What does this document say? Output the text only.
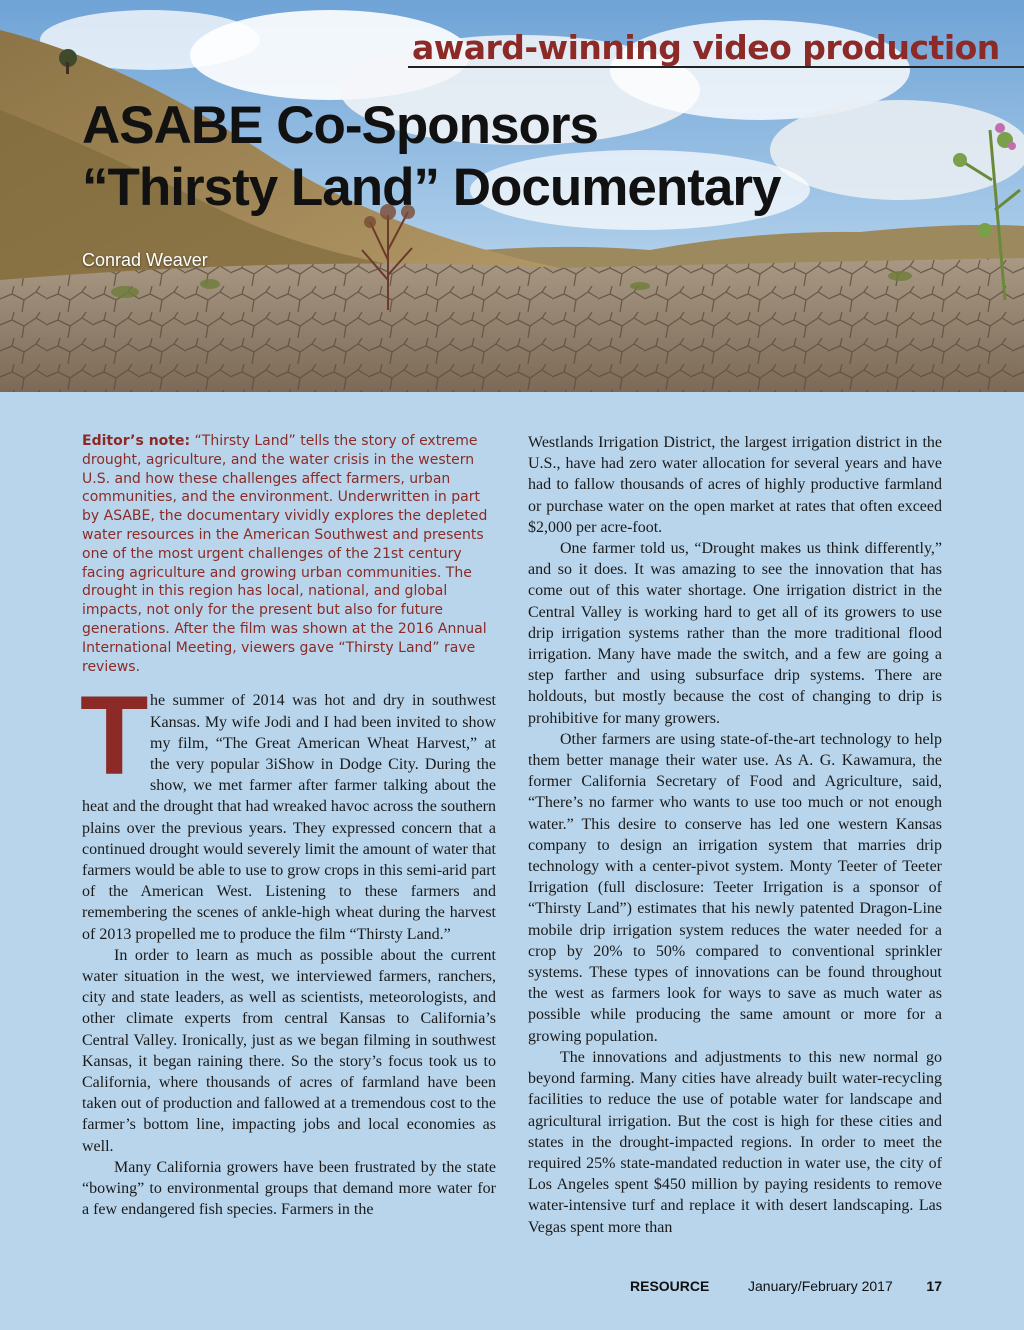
award-winning video production
ASABE Co-Sponsors
“Thirsty Land” Documentary
Conrad Weaver

Editor’s note: “Thirsty Land” tells the story of extreme drought, agriculture, and the water crisis in the western U.S. and how these challenges affect farmers, urban communities, and the environment. Underwritten in part by ASABE, the documentary vividly explores the depleted water resources in the American Southwest and presents one of the most urgent challenges of the 21st century facing agriculture and growing urban communities. The drought in this region has local, national, and global impacts, not only for the present but also for future generations. After the film was shown at the 2016 Annual International Meeting, viewers gave “Thirsty Land” rave reviews.

T he summer of 2014 was hot and dry in southwest Kansas. My wife Jodi and I had been invited to show my film, “The Great American Wheat Harvest,” at the very popular 3iShow in Dodge City. During the show, we met farmer after farmer talking about the heat and the drought that had wreaked havoc across the southern plains over the previous years. They expressed concern that a continued drought would severely limit the amount of water that farmers would be able to use to grow crops in this semi-arid part of the American West. Listening to these farmers and remembering the scenes of ankle-high wheat during the harvest of 2013 propelled me to produce the film “Thirsty Land.”

In order to learn as much as possible about the current water situation in the west, we interviewed farmers, ranchers, city and state leaders, as well as scientists, meteorologists, and other climate experts from central Kansas to California’s Central Valley. Ironically, just as we began filming in southwest Kansas, it began raining there. So the story’s focus took us to California, where thousands of acres of farmland have been taken out of production and fallowed at a tremendous cost to the farmer’s bottom line, impacting jobs and local economies as well.

Many California growers have been frustrated by the state “bowing” to environmental groups that demand more water for a few endangered fish species. Farmers in the

Westlands Irrigation District, the largest irrigation district in the U.S., have had zero water allocation for several years and have had to fallow thousands of acres of highly productive farmland or purchase water on the open market at rates that often exceed $2,000 per acre-foot.

One farmer told us, “Drought makes us think differently,” and so it does. It was amazing to see the innovation that has come out of this water shortage. One irrigation district in the Central Valley is working hard to get all of its growers to use drip irrigation systems rather than the more traditional flood irrigation. Many have made the switch, and a few are going a step farther and using subsurface drip systems. There are holdouts, but mostly because the cost of changing to drip is prohibitive for many growers.

Other farmers are using state-of-the-art technology to help them better manage their water use. As A. G. Kawamura, the former California Secretary of Food and Agriculture, said, “There’s no farmer who wants to use too much or not enough water.” This desire to conserve has led one western Kansas company to design an irrigation system that marries drip technology with a center-pivot system. Monty Teeter of Teeter Irrigation (full disclosure: Teeter Irrigation is a sponsor of “Thirsty Land”) estimates that his newly patented Dragon-Line mobile drip irrigation system reduces the water needed for a crop by 20% to 50% compared to conventional sprinkler systems. These types of innovations can be found throughout the west as farmers look for ways to save as much water as possible while producing the same amount or more for a growing population.

The innovations and adjustments to this new normal go beyond farming. Many cities have already built water-recycling facilities to reduce the use of potable water for landscape and agricultural irrigation. But the cost is high for these cities and states in the drought-impacted regions. In order to meet the required 25% state-mandated reduction in water use, the city of Los Angeles spent $450 million by paying residents to remove water-intensive turf and replace it with desert landscaping. Las Vegas spent more than

RESOURCE	January/February 2017 17
